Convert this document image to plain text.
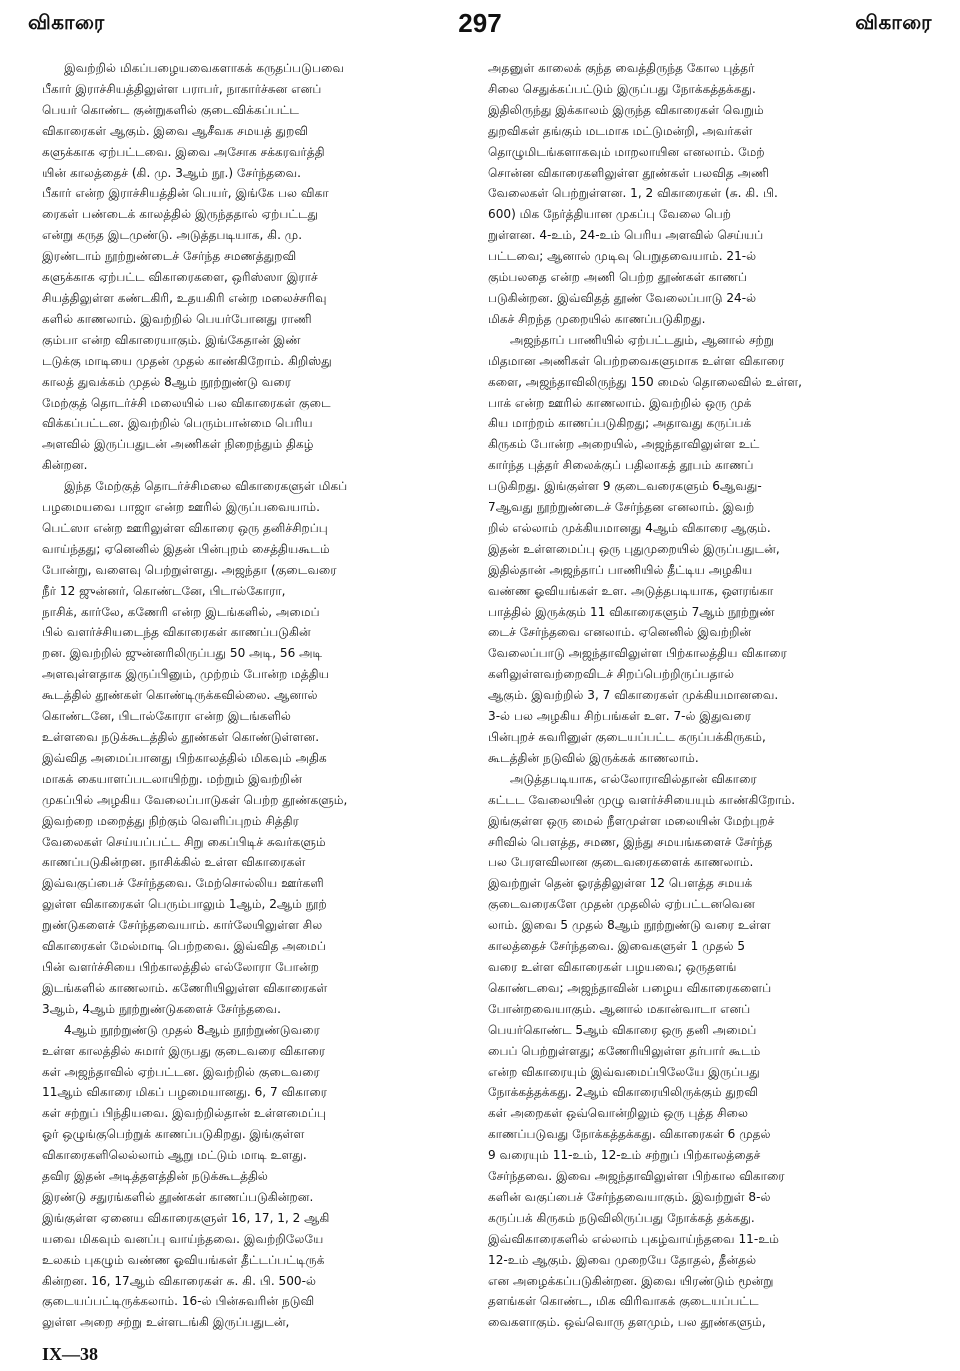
விகாரை	297	விகாரை

இவற்றில் மிகப்பழையவைகளாகக் கருதப்படுபவை
பீகார் இராச்சியத்திலுள்ள பராபர், நாகார்ச்சுன எனப்
பெயர் கொண்ட குன்றுகளில் குடைவிக்கப்பட்ட
விகாரைகள் ஆகும். இவை ஆசீவக சமயத் துறவி
களுக்காக ஏற்பட்டவை. இவை அசோக சக்கரவர்த்தி
யின் காலத்தைச் (கி. மு. 3ஆம் நூ.) சேர்ந்தவை.
பீகார் என்ற இராச்சியத்தின் பெயர், இங்கே பல விகா
ரைகள் பண்டைக் காலத்தில் இருந்ததால் ஏற்பட்டது
என்று கருத இடமுண்டு. அடுத்தபடியாக, கி. மு.
இரண்டாம் நூற்றுண்டைச் சேர்ந்த சமணத்துறவி
களுக்காக ஏற்பட்ட விகாரைகளை, ஒரிஸ்ஸா இராச்
சியத்திலுள்ள கண்டகிரி, உதயகிரி என்ற மலைச்சரிவு
களில் காணலாம். இவற்றில் பெயர்போனது ராணி
கும்பா என்ற விகாரையாகும். இங்கேதான் இண்
டடுக்கு மாடியை முதன் முதல் காண்கிறோம். கிறிஸ்து
காலத் துவக்கம் முதல் 8ஆம் நூற்றுண்டு வரை
மேற்குத் தொடர்ச்சி மலையில் பல விகாரைகள் குடை
விக்கப்பட்டன. இவற்றில் பெரும்பான்மை பெரிய
அளவில் இருப்பதுடன் அணிகள் நிறைந்தும் திகழ்
கின்றன.

இந்த மேற்குத் தொடர்ச்சிமலை விகாரைகளுள் மிகப்
பழமையவை பாஜா என்ற ஊரில் இருப்பவையாம்.
பெட்ஸா என்ற ஊரிலுள்ள விகாரை ஒரு தனிச்சிறப்பு
வாய்ந்தது; ஏனெனில் இதன் பின்புறம் சைத்தியகூடம்
போன்று, வளைவு பெற்றுள்ளது. அஜந்தா (குடைவரை
நீர் 12 ஜுன்னர், கொண்டனே, பிடால்கோரா,
நாசிக், கார்லே, கணேரி என்ற இடங்களில், அமைப்
பில் வளர்ச்சியடைந்த விகாரைகள் காணப்படுகின்
றன. இவற்றில் ஜுன்னரிலிருப்பது 50 அடி, 56 அடி
அளவுள்ளதாக இருப்பினும், முற்றம் போன்ற மத்திய
கூடத்தில் தூண்கள் கொண்டிருக்கவில்லை. ஆனால்
கொண்டனே, பிடால்கோரா என்ற இடங்களில்
உள்ளவை நடுக்கூடத்தில் தூண்கள் கொண்டுள்ளன.
இவ்வித அமைப்பானது பிற்காலத்தில் மிகவும் அதிக
மாகக் கையாளப்படலாயிற்று. மற்றும் இவற்றின்
முகப்பில் அழகிய வேலைப்பாடுகள் பெற்ற தூண்களும்,
இவற்றை மறைத்து நிற்கும் வெளிப்புறம் சித்திர
வேலைகள் செய்யப்பட்ட சிறு கைப்பிடிச் சுவர்களும்
காணப்படுகின்றன. நாசிக்கில் உள்ள விகாரைகள்
இவ்வகுப்பைச் சேர்ந்தவை. மேற்சொல்லிய ஊர்களி
லுள்ள விகாரைகள் பெரும்பாலும் 1ஆம், 2ஆம் நூற்
றுண்டுகளைச் சேர்ந்தவையாம். கார்லேயிலுள்ள சில
விகாரைகள் மேல்மாடி பெற்றவை. இவ்வித அமைப்
பின் வளர்ச்சியை பிற்காலத்தில் எல்லோரா போன்ற
இடங்களில் காணலாம். கணேரியிலுள்ள விகாரைகள்
3ஆம், 4ஆம் நூற்றுண்டுகளைச் சேர்ந்தவை.

4ஆம் நூற்றுண்டு முதல் 8ஆம் நூற்றுண்டுவரை
உள்ள காலத்தில் சுமார் இருபது குடைவரை விகாரை
கள் அஜந்தாவில் ஏற்பட்டன. இவற்றில் குடைவரை
11ஆம் விகாரை மிகப் பழமையானது. 6, 7 விகாரை
கள் சற்றுப் பிந்தியவை. இவற்றில்தான் உள்ளமைப்பு
ஓர் ஒழுங்குபெற்றுக் காணப்படுகிறது. இங்குள்ள
விகாரைகளிலெல்லாம் ஆறு மட்டும் மாடி உளது.
தவிர இதன் அடித்தளத்தின் நடுக்கூடத்தில்
இரண்டு சதுரங்களில் தூண்கள் காணப்படுகின்றன.
இங்குள்ள ஏனைய விகாரைகளுள் 16, 17, 1, 2 ஆகி
யவை மிகவும் வனப்பு வாய்ந்தவை. இவற்றிலேயே
உலகம் புகழும் வண்ண ஓவியங்கள் தீட்டப்பட்டிருக்
கின்றன. 16, 17ஆம் விகாரைகள் சு. கி. பி. 500-ல்
குடையப்பட்டிருக்கலாம். 16-ல் பின்சுவரின் நடுவி
லுள்ள அறை சற்று உள்ளடங்கி இருப்பதுடன்,

அதனுள் காலைக் குந்த வைத்திருந்த கோல புத்தர்
சிலை செதுக்கப்பட்டும் இருப்பது நோக்கத்தக்கது.
இதிலிருந்து இக்காலம் இருந்த விகாரைகள் வெறும்
துறவிகள் தங்கும் மடமாக மட்டுமன்றி, அவர்கள்
தொழுமிடங்களாகவும் மாறலாயின எனலாம். மேற்
சொன்ன விகாரைகளிலுள்ள தூண்கள் பலவித அணி
வேலைகள் பெற்றுள்ளன. 1, 2 விகாரைகள் (சு. கி. பி.
600) மிக நேர்த்தியான முகப்பு வேலை பெற்
றுள்ளன. 4-உம், 24-உம் பெரிய அளவில் செய்யப்
பட்டவை; ஆனால் முடிவு பெறுதவையாம். 21-ல்
கும்பலதை என்ற அணி பெற்ற தூண்கள் காணப்
படுகின்றன. இவ்விதத் தூண் வேலைப்பாடு 24-ல்
மிகச் சிறந்த முறையில் காணப்படுகிறது.

அஜந்தாப் பாணியில் ஏற்பட்டதும், ஆனால் சற்று
மிதமான அணிகள் பெற்றவைகளுமாக உள்ள விகாரை
களை, அஜந்தாவிலிருந்து 150 மைல் தொலைவில் உள்ள,
பாக் என்ற ஊரில் காணலாம். இவற்றில் ஒரு முக்
கிய மாற்றம் காணப்படுகிறது; அதாவது கருப்பக்
கிருகம் போன்ற அறையில், அஜந்தாவிலுள்ள உட்
கார்ந்த புத்தர் சிலைக்குப் பதிலாகத் தூபம் காணப்
படுகிறது. இங்குள்ள 9 குடைவரைகளும் 6ஆவது-
7ஆவது நூற்றுண்டைச் சேர்ந்தன எனலாம். இவற்
றில் எல்லாம் முக்கியமானது 4ஆம் விகாரை ஆகும்.
இதன் உள்ளமைப்பு ஒரு புதுமுறையில் இருப்பதுடன்,
இதில்தான் அஜந்தாப் பாணியில் தீட்டிய அழகிய
வண்ண ஓவியங்கள் உள. அடுத்தபடியாக, ஔரங்கா
பாத்தில் இருக்கும் 11 விகாரைகளும் 7ஆம் நூற்றுண்
டைச் சேர்ந்தவை எனலாம். ஏனெனில் இவற்றின்
வேலைப்பாடு அஜந்தாவிலுள்ள பிற்காலத்திய விகாரை
களிலுள்ளவற்றைவிடச் சிறப்பெற்றிருப்பதால்
ஆகும். இவற்றில் 3, 7 விகாரைகள் முக்கியமானவை.
3-ல் பல அழகிய சிற்பங்கள் உள. 7-ல் இதுவரை
பின்புறச் சுவரினுள் குடையப்பட்ட கருப்பக்கிருகம்,
கூடத்தின் நடுவில் இருக்கக் காணலாம்.

அடுத்தபடியாக, எல்லோராவில்தான் விகாரை
கட்டட வேலையின் முழு வளர்ச்சியையும் காண்கிறோம்.
இங்குள்ள ஒரு மைல் நீளமுள்ள மலையின் மேற்புறச்
சரிவில் பௌத்த, சமண, இந்து சமயங்களைச் சேர்ந்த
பல பேரளவிலான குடைவரைகளைக் காணலாம்.
இவற்றுள் தென் ஓரத்திலுள்ள 12 பௌத்த சமயக்
குடைவரைகளே முதன் முதலில் ஏற்பட்டனவென
லாம். இவை 5 முதல் 8ஆம் நூற்றுண்டு வரை உள்ள
காலத்தைச் சேர்ந்தவை. இவைகளுள் 1 முதல் 5
வரை உள்ள விகாரைகள் பழயவை; ஒருதளங்
கொண்டவை; அஜந்தாவின் பழைய விகாரைகளைப்
போன்றவையாகும். ஆனால் மகான்வாடா எனப்
பெயர்கொண்ட 5ஆம் விகாரை ஒரு தனி அமைப்
பைப் பெற்றுள்ளது; கணேரியிலுள்ள தர்பார் கூடம்
என்ற விகாரையும் இவ்வமைப்பிலேயே இருப்பது
நோக்கத்தக்கது. 2ஆம் விகாரையிலிருக்கும் துறவி
கள் அறைகள் ஒவ்வொன்றிலும் ஒரு புத்த சிலை
காணப்படுவது நோக்கத்தக்கது. விகாரைகள் 6 முதல்
9 வரையும் 11-உம், 12-உம் சற்றுப் பிற்காலத்தைச்
சேர்ந்தவை. இவை அஜந்தாவிலுள்ள பிற்கால விகாரை
களின் வகுப்பைச் சேர்ந்தவையாகும். இவற்றுள் 8-ல்
கருப்பக் கிருகம் நடுவிலிருப்பது நோக்கத் தக்கது.
இவ்விகாரைகளில் எல்லாம் புகழ்வாய்ந்தவை 11-உம்
12-உம் ஆகும். இவை முறையே தோதல், தீன்தல்
என அழைக்கப்படுகின்றன. இவை யிரண்டும் மூன்று
தளங்கள் கொண்ட, மிக விரிவாகக் குடையப்பட்ட
வைகளாகும். ஒவ்வொரு தளமும், பல தூண்களும்,

IX—38
